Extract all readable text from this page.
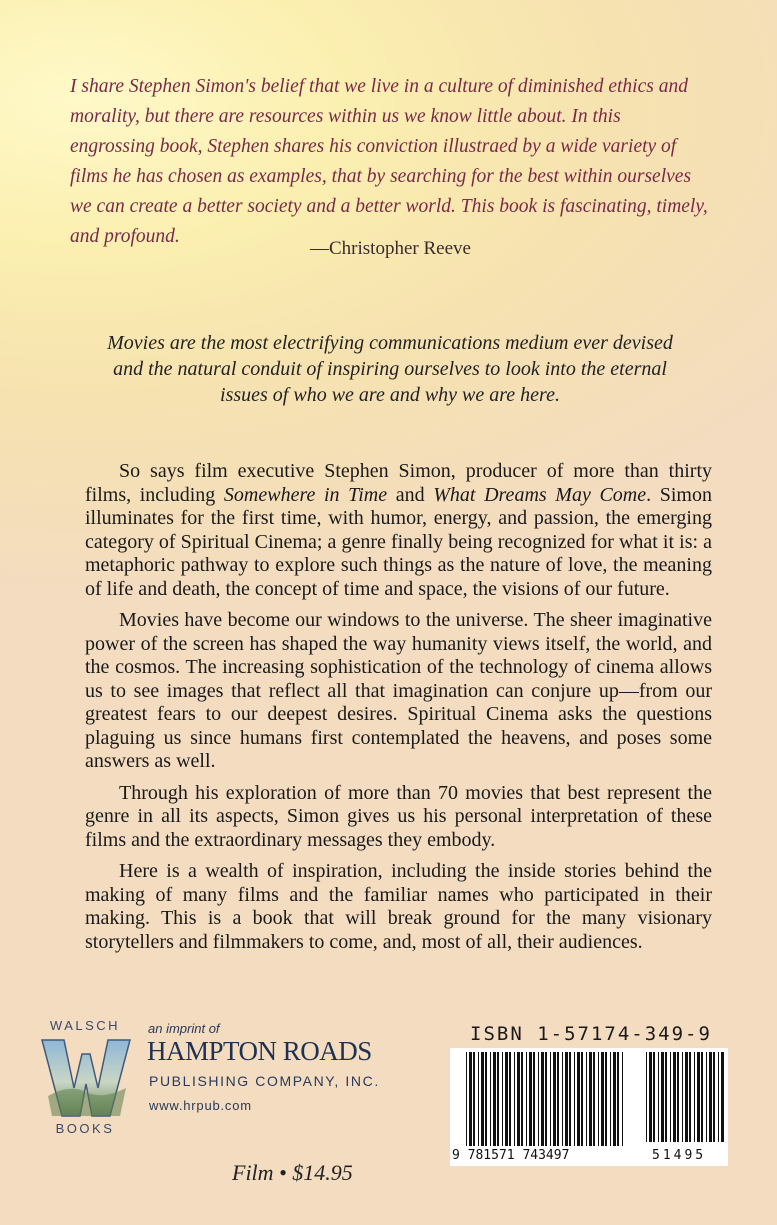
I share Stephen Simon's belief that we live in a culture of diminished ethics and morality, but there are resources within us we know little about. In this engrossing book, Stephen shares his conviction illustraed by a wide variety of films he has chosen as examples, that by searching for the best within ourselves we can create a better society and a better world. This book is fascinating, timely, and profound.
—Christopher Reeve
Movies are the most electrifying communications medium ever devised and the natural conduit of inspiring ourselves to look into the eternal issues of who we are and why we are here.

So says film executive Stephen Simon, producer of more than thirty films, including Somewhere in Time and What Dreams May Come. Simon illuminates for the first time, with humor, energy, and passion, the emerging category of Spiritual Cinema; a genre finally being recognized for what it is: a metaphoric pathway to explore such things as the nature of love, the meaning of life and death, the concept of time and space, the visions of our future.

Movies have become our windows to the universe. The sheer imaginative power of the screen has shaped the way humanity views itself, the world, and the cosmos. The increasing sophistication of the technology of cinema allows us to see images that reflect all that imagination can conjure up—from our greatest fears to our deepest desires. Spiritual Cinema asks the questions plaguing us since humans first contemplated the heavens, and poses some answers as well.

Through his exploration of more than 70 movies that best represent the genre in all its aspects, Simon gives us his personal interpretation of these films and the extraordinary messages they embody.

Here is a wealth of inspiration, including the inside stories behind the making of many films and the familiar names who participated in their making. This is a book that will break ground for the many visionary storytellers and filmmakers to come, and, most of all, their audiences.

WALSCH
BOOKS
an imprint of
HAMPTON ROADS
PUBLISHING COMPANY, INC.
www.hrpub.com
Film • $14.95
ISBN 1-57174-349-9
9 781571 743497	51495
